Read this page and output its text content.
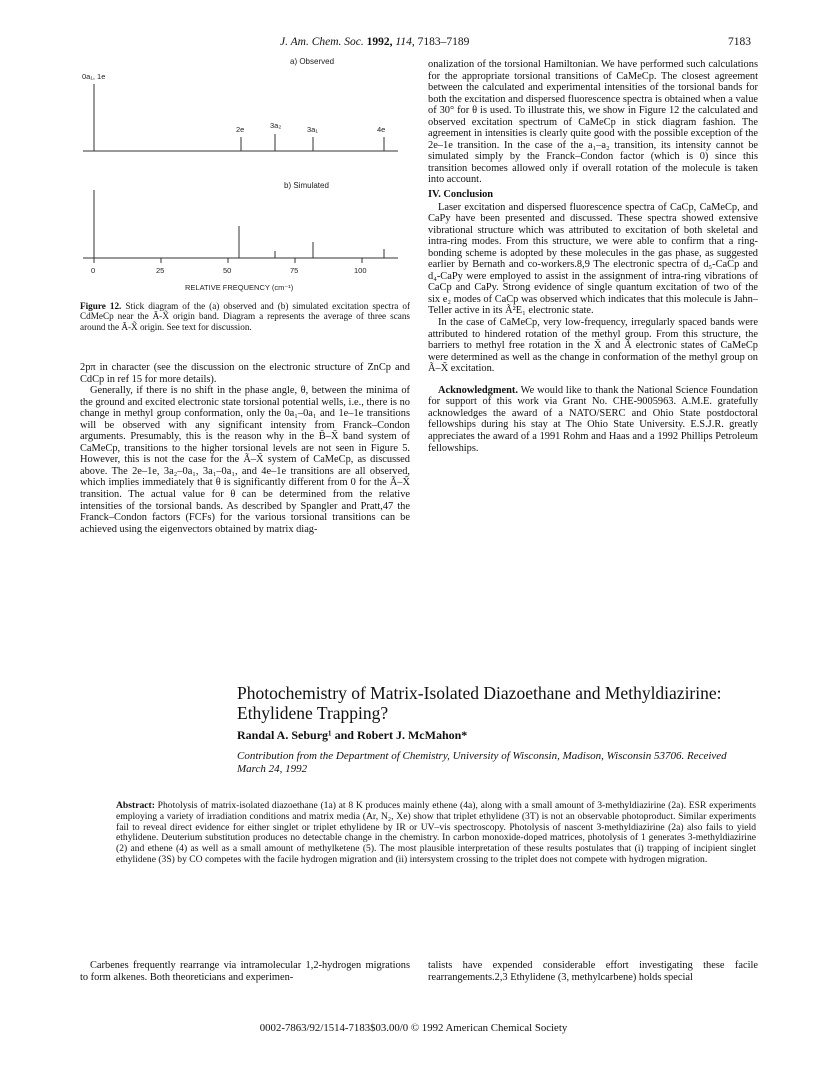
J. Am. Chem. Soc. 1992, 114, 7183–7189	7183
a) Observed
0a₁, 1e
2e	3a₂	3a₁	4e
b) Simulated
0	25	50	75	100
RELATIVE FREQUENCY (cm⁻¹)
Figure 12. Stick diagram of the (a) observed and (b) simulated excitation spectra of CdMeCp near the Ã-X̃ origin band. Diagram a represents the average of three scans around the Ã-X̃ origin. See text for discussion.

2pπ in character (see the discussion on the electronic structure of ZnCp and CdCp in ref 15 for more details).

Generally, if there is no shift in the phase angle, θ, between the minima of the ground and excited electronic state torsional potential wells, i.e., there is no change in methyl group conformation, only the 0a₁–0a₁ and 1e–1e transitions will be observed with any significant intensity from Franck–Condon arguments. Presumably, this is the reason why in the B̃–X̃ band system of CaMeCp, transitions to the higher torsional levels are not seen in Figure 5. However, this is not the case for the Ã–X̃ system of CaMeCp, as discussed above. The 2e–1e, 3a₂–0a₁, 3a₁–0a₁, and 4e–1e transitions are all observed, which implies immediately that θ is significantly different from 0 for the Ã–X̃ transition. The actual value for θ can be determined from the relative intensities of the torsional bands. As described by Spangler and Pratt,47 the Franck–Condon factors (FCFs) for the various torsional transitions can be achieved using the eigenvectors obtained by matrix diag-

onalization of the torsional Hamiltonian. We have performed such calculations for the appropriate torsional transitions of CaMeCp. The closest agreement between the calculated and experimental intensities of the torsional bands for both the excitation and dispersed fluorescence spectra is obtained when a value of 30° for θ is used. To illustrate this, we show in Figure 12 the calculated and observed excitation spectrum of CaMeCp in stick diagram fashion. The agreement in intensities is clearly quite good with the possible exception of the 2e–1e transition. In the case of the a₁–a₂ transition, its intensity cannot be simulated simply by the Franck–Condon factor (which is 0) since this transition becomes allowed only if overall rotation of the molecule is taken into account.

IV. Conclusion

Laser excitation and dispersed fluorescence spectra of CaCp, CaMeCp, and CaPy have been presented and discussed. These spectra showed extensive vibrational structure which was attributed to excitation of both skeletal and intra-ring modes. From this structure, we were able to confirm that a ring-bonding scheme is adopted by these molecules in the gas phase, as suggested earlier by Bernath and co-workers.8,9 The electronic spectra of d₅-CaCp and d₄-CaPy were employed to assist in the assignment of intra-ring vibrations of CaCp and CaPy. Strong evidence of single quantum excitation of two of the six e₂ modes of CaCp was observed which indicates that this molecule is Jahn–Teller active in its Ã²E₁ electronic state.

In the case of CaMeCp, very low-frequency, irregularly spaced bands were attributed to hindered rotation of the methyl group. From this structure, the barriers to methyl free rotation in the X̃ and Ã electronic states of CaMeCp were determined as well as the change in conformation of the methyl group on Ã–X̃ excitation.

Acknowledgment. We would like to thank the National Science Foundation for support of this work via Grant No. CHE-9005963. A.M.E. gratefully acknowledges the award of a NATO/SERC and Ohio State postdoctoral fellowships during his stay at The Ohio State University. E.S.J.R. greatly appreciates the award of a 1991 Rohm and Haas and a 1992 Phillips Petroleum fellowships.

Photochemistry of Matrix-Isolated Diazoethane and Methyldiazirine: Ethylidene Trapping?
Randal A. Seburg¹ and Robert J. McMahon*
Contribution from the Department of Chemistry, University of Wisconsin, Madison, Wisconsin 53706. Received March 24, 1992
Abstract: Photolysis of matrix-isolated diazoethane (1a) at 8 K produces mainly ethene (4a), along with a small amount of 3-methyldiazirine (2a). ESR experiments employing a variety of irradiation conditions and matrix media (Ar, N₂, Xe) show that triplet ethylidene (3T) is not an observable photoproduct. Similar experiments fail to reveal direct evidence for either singlet or triplet ethylidene by IR or UV–vis spectroscopy. Photolysis of nascent 3-methyldiazirine (2a) also fails to yield ethylidene. Deuterium substitution produces no detectable change in the chemistry. In carbon monoxide-doped matrices, photolysis of 1 generates 3-methyldiazirine (2) and ethene (4) as well as a small amount of methylketene (5). The most plausible interpretation of these results postulates that (i) trapping of incipient singlet ethylidene (3S) by CO competes with the facile hydrogen migration and (ii) intersystem crossing to the triplet does not compete with hydrogen migration.
Carbenes frequently rearrange via intramolecular 1,2-hydrogen migrations to form alkenes. Both theoreticians and experimen-
talists have expended considerable effort investigating these facile rearrangements.2,3 Ethylidene (3, methylcarbene) holds special
0002-7863/92/1514-7183$03.00/0 © 1992 American Chemical Society
